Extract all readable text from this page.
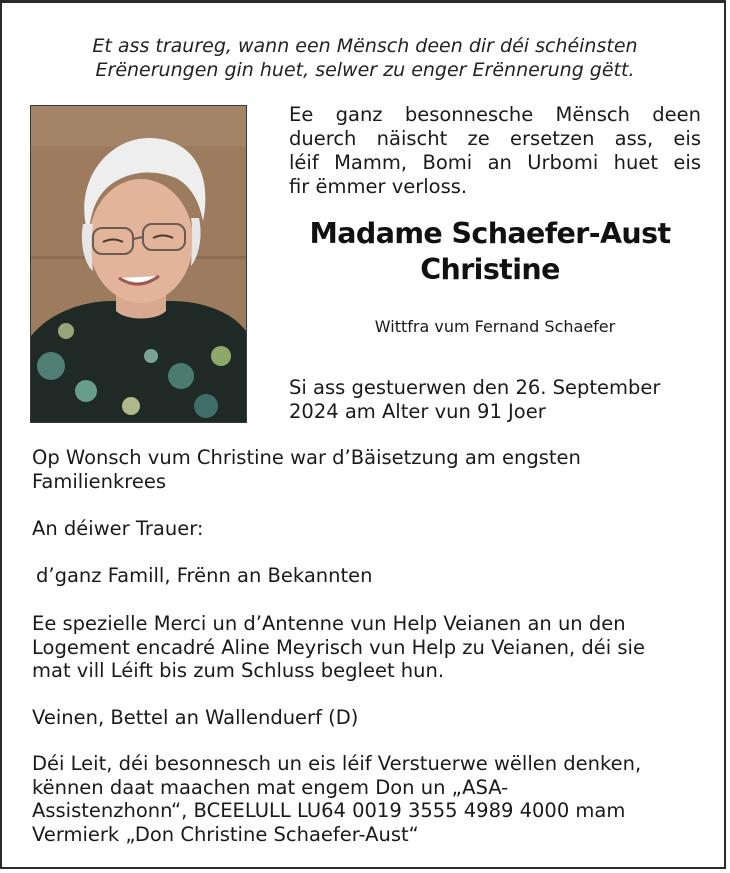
Et ass traureg, wann een Mënsch deen dir déi schéinsten
Erënerungen gin huet, selwer zu enger Erënnerung gëtt.

Ee ganz besonnesche Mënsch deen
duerch näischt ze ersetzen ass, eis
léif Mamm, Bomi an Urbomi huet eis
fir ëmmer verloss.

Madame Schaefer-Aust
Christine

Wittfra vum Fernand Schaefer

Si ass gestuerwen den 26. September
2024 am Alter vun 91 Joer

Op Wonsch vum Christine war d’Bäisetzung am engsten
Familienkrees

An déiwer Trauer:

d’ganz Famill, Frënn an Bekannten

Ee spezielle Merci un d’Antenne vun Help Veianen an un den
Logement encadré Aline Meyrisch vun Help zu Veianen, déi sie
mat vill Léift bis zum Schluss begleet hun.

Veinen, Bettel an Wallenduerf (D)

Déi Leit, déi besonnesch un eis léif Verstuerwe wëllen denken,
kënnen daat maachen mat engem Don un „ASA-
Assistenzhonn“, BCEELULL LU64 0019 3555 4989 4000 mam
Vermierk „Don Christine Schaefer-Aust“
